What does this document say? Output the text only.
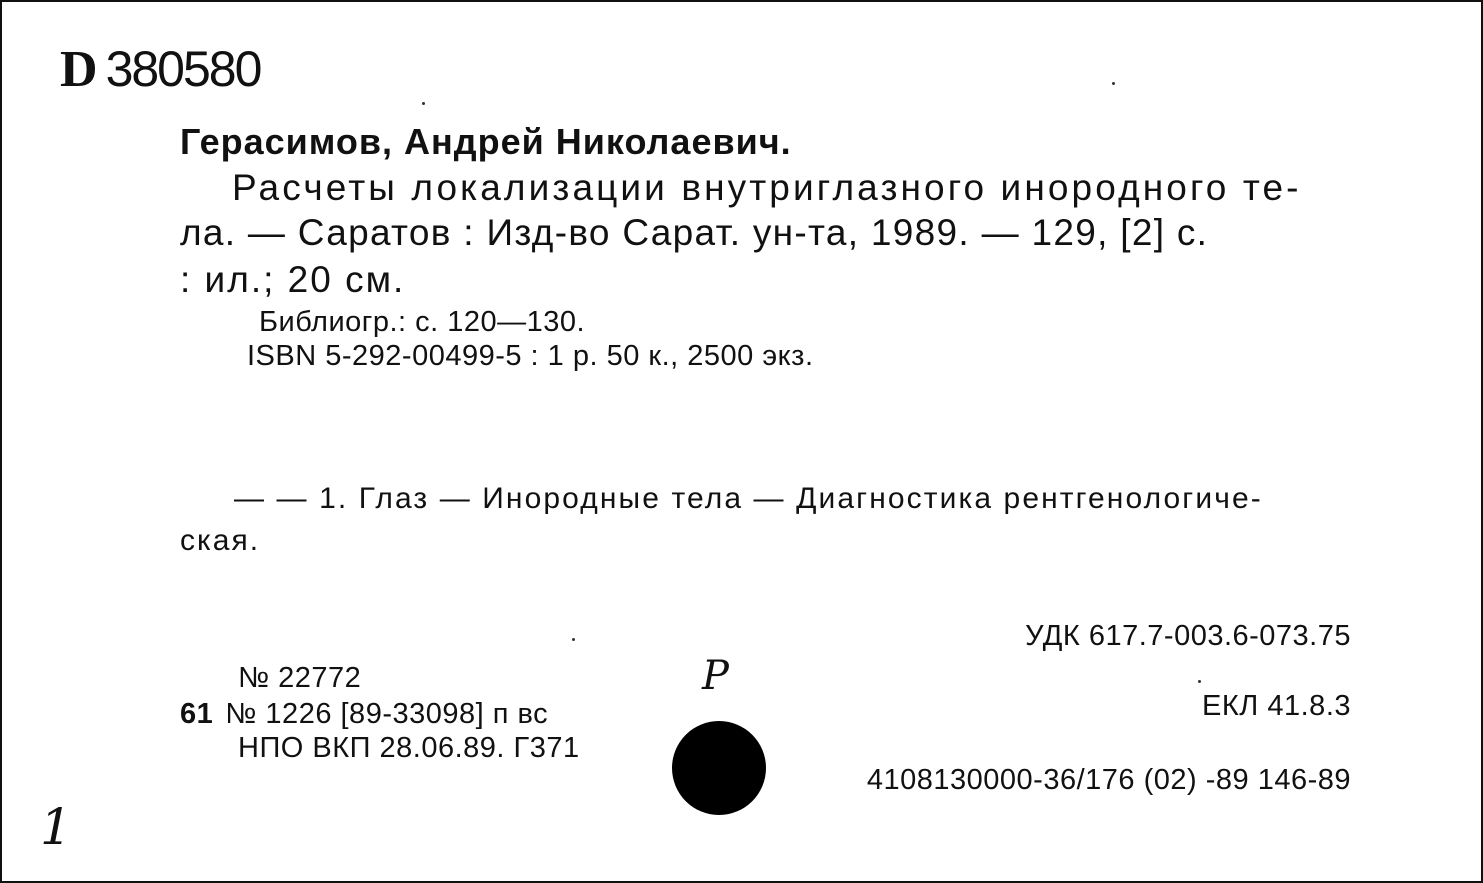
D 380580
Герасимов, Андрей Николаевич.
Расчеты локализации внутриглазного инородного те-
ла. — Саратов : Изд-во Сарат. ун-та, 1989. — 129, [2] с.
: ил.; 20 см.
Библиогр.: с. 120—130.
ISBN 5-292-00499-5 : 1 р. 50 к., 2500 экз.
— — 1. Глаз — Инородные тела — Диагностика рентгенологиче-
ская.
УДК 617.7-003.6-073.75
ЕКЛ 41.8.3
4108130000-36/176 (02) -89 146-89
№ 22772
61 № 1226 [89-33098] п вс
НПО ВКП 28.06.89. Г371
Р
1
